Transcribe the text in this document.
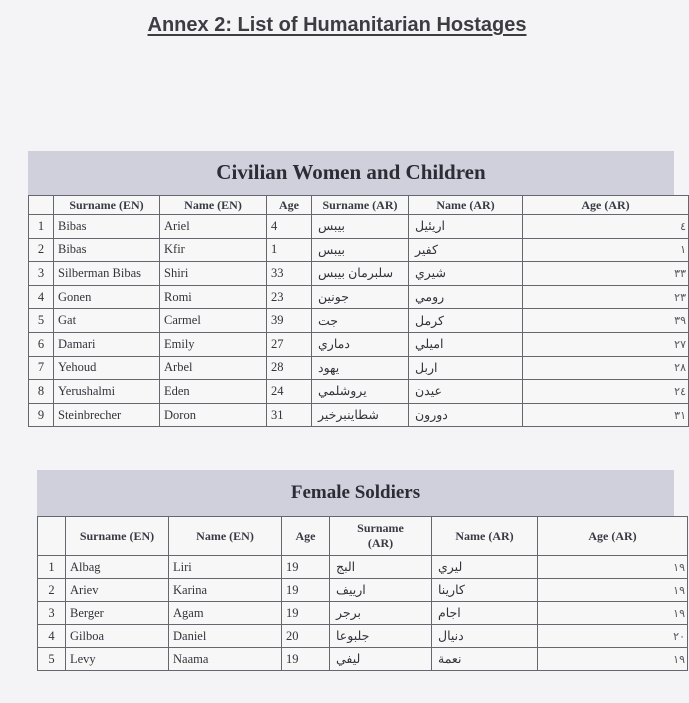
Annex 2: List of Humanitarian Hostages
Civilian Women and Children
	Surname (EN)	Name (EN)	Age	Surname (AR)	Name (AR)	Age (AR)
1	Bibas	Ariel	4	بيبس	اريئيل	٤
2	Bibas	Kfir	1	بيبس	كفير	١
3	Silberman Bibas	Shiri	33	سلبرمان بيبس	شيري	٣٣
4	Gonen	Romi	23	جونين	رومي	٢٣
5	Gat	Carmel	39	جت	كرمل	٣٩
6	Damari	Emily	27	دماري	اميلي	٢٧
7	Yehoud	Arbel	28	يهود	اربل	٢٨
8	Yerushalmi	Eden	24	يروشلمي	عيدن	٢٤
9	Steinbrecher	Doron	31	شطاينبرخير	دورون	٣١
Female Soldiers
	Surname (EN)	Name (EN)	Age	Surname (AR)	Name (AR)	Age (AR)
1	Albag	Liri	19	البج	ليري	١٩
2	Ariev	Karina	19	ارييف	كارينا	١٩
3	Berger	Agam	19	برجر	اجام	١٩
4	Gilboa	Daniel	20	جلبوعا	دنيال	٢٠
5	Levy	Naama	19	ليفي	نعمة	١٩
